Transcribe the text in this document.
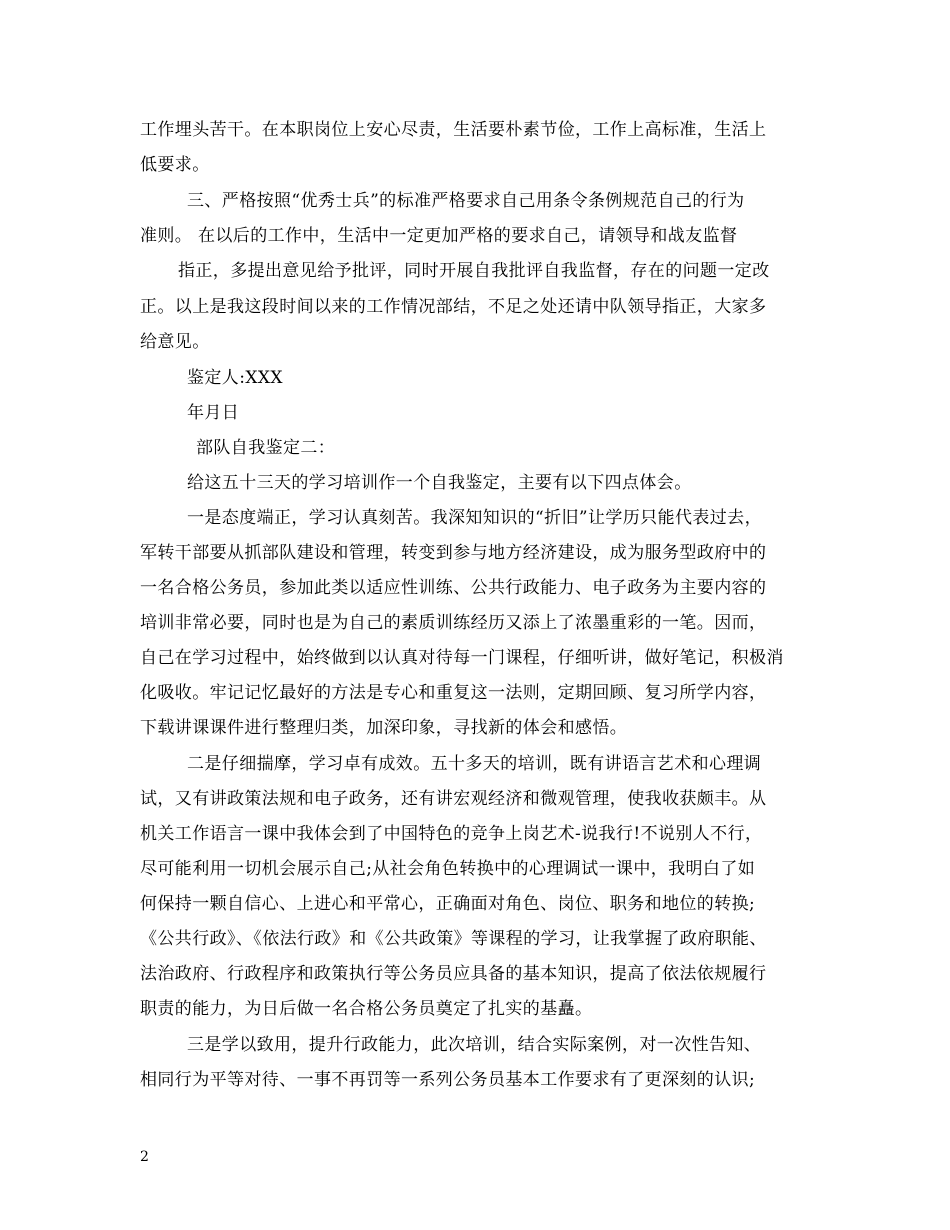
工作埋头苦干。在本职岗位上安心尽责，生活要朴素节俭，工作上高标准，生活上
低要求。
三、严格按照“优秀士兵”的标准严格要求自己用条令条例规范自己的行为
准则。 在以后的工作中，生活中一定更加严格的要求自己，请领导和战友监督
指正，多提出意见给予批评，同时开展自我批评自我监督，存在的问题一定改
正。以上是我这段时间以来的工作情况部结，不足之处还请中队领导指正，大家多
给意见。
鉴定人:XXX
年月日
部队自我鉴定二：
给这五十三天的学习培训作一个自我鉴定，主要有以下四点体会。
一是态度端正，学习认真刻苦。我深知知识的“折旧”让学历只能代表过去，
军转干部要从抓部队建设和管理，转变到参与地方经济建设，成为服务型政府中的
一名合格公务员，参加此类以适应性训练、公共行政能力、电子政务为主要内容的
培训非常必要，同时也是为自己的素质训练经历又添上了浓墨重彩的一笔。因而，
自己在学习过程中，始终做到以认真对待每一门课程，仔细听讲，做好笔记，积极消
化吸收。牢记记忆最好的方法是专心和重复这一法则，定期回顾、复习所学内容，
下载讲课课件进行整理归类，加深印象，寻找新的体会和感悟。
二是仔细揣摩，学习卓有成效。五十多天的培训，既有讲语言艺术和心理调
试，又有讲政策法规和电子政务，还有讲宏观经济和微观管理，使我收获颇丰。从
机关工作语言一课中我体会到了中国特色的竞争上岗艺术-说我行!不说别人不行，
尽可能利用一切机会展示自己;从社会角色转换中的心理调试一课中，我明白了如
何保持一颗自信心、上进心和平常心，正确面对角色、岗位、职务和地位的转换;
《公共行政》、《依法行政》和《公共政策》等课程的学习，让我掌握了政府职能、
法治政府、行政程序和政策执行等公务员应具备的基本知识，提高了依法依规履行
职责的能力，为日后做一名合格公务员奠定了扎实的基矗。
三是学以致用，提升行政能力，此次培训，结合实际案例，对一次性告知、
相同行为平等对待、一事不再罚等一系列公务员基本工作要求有了更深刻的认识;
2
